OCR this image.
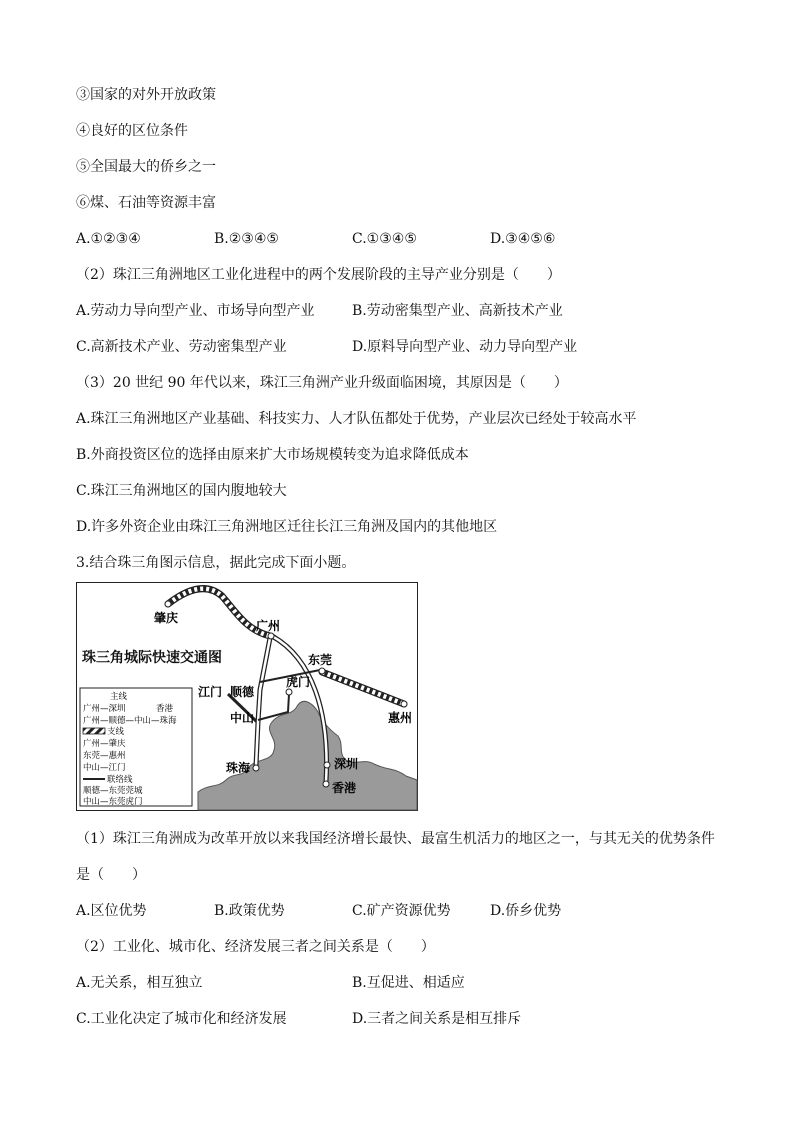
③国家的对外开放政策
④良好的区位条件
⑤全国最大的侨乡之一
⑥煤、石油等资源丰富
A.①②③④	B.②③④⑤	C.①③④⑤	D.③④⑤⑥
（2）珠江三角洲地区工业化进程中的两个发展阶段的主导产业分别是（　　）
A.劳动力导向型产业、市场导向型产业	B.劳动密集型产业、高新技术产业
C.高新技术产业、劳动密集型产业	D.原料导向型产业、动力导向型产业
（3）20 世纪 90 年代以来，珠江三角洲产业升级面临困境，其原因是（　　）
A.珠江三角洲地区产业基础、科技实力、人才队伍都处于优势，产业层次已经处于较高水平
B.外商投资区位的选择由原来扩大市场规模转变为追求降低成本
C.珠江三角洲地区的国内腹地较大
D.许多外资企业由珠江三角洲地区迁往长江三角洲及国内的其他地区
3.结合珠三角图示信息，据此完成下面小题。
珠三角城际快速交通图
肇庆
广州
东莞
惠州
江门 顺德
虎门
中山
珠海	深圳
香港
主线
广州—深圳	香港
广州—顺德—中山—珠海
支线
广州—肇庆
东莞—惠州
中山—江门
联络线
顺德—东莞莞城
中山—东莞虎门
（1）珠江三角洲成为改革开放以来我国经济增长最快、最富生机活力的地区之一，与其无关的优势条件
是（　　）
A.区位优势	B.政策优势	C.矿产资源优势	D.侨乡优势
（2）工业化、城市化、经济发展三者之间关系是（　　）
A.无关系，相互独立	B.互促进、相适应
C.工业化决定了城市化和经济发展	D.三者之间关系是相互排斥
